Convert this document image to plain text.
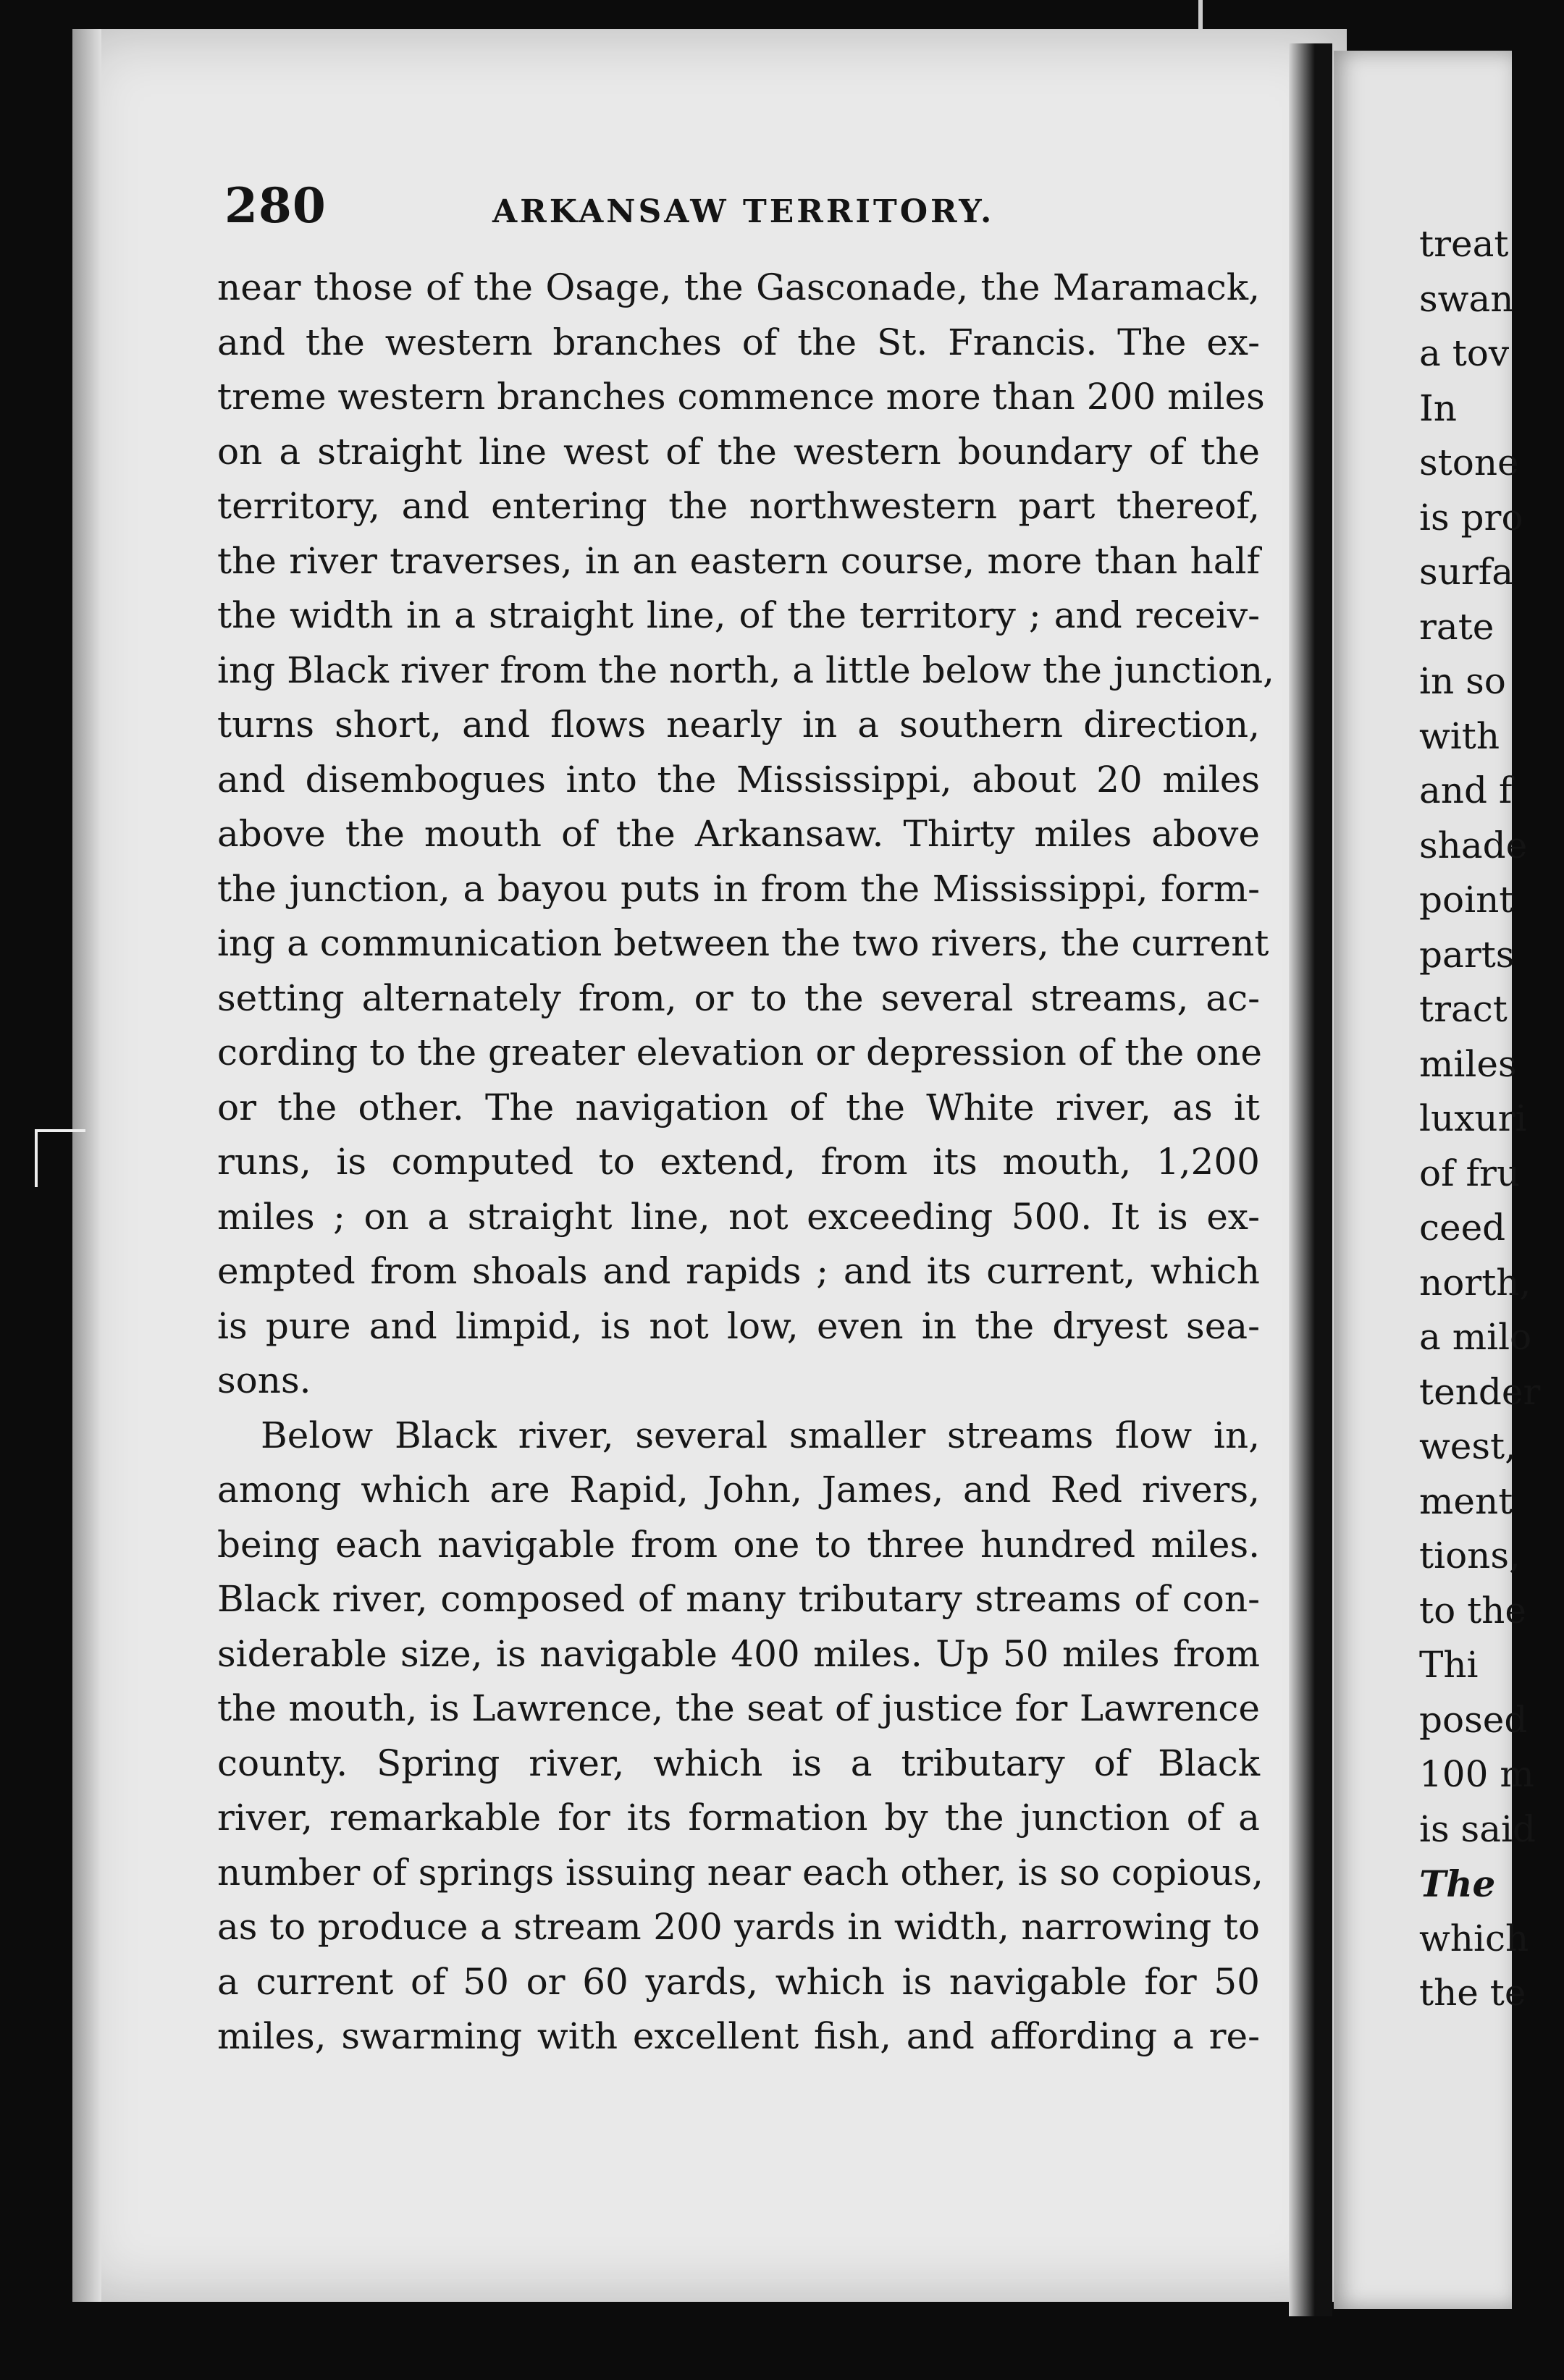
280	ARKANSAW TERRITORY.
near those of the Osage, the Gasconade, the Maramack,
and the western branches of the St. Francis. The ex-
treme western branches commence more than 200 miles
on a straight line west of the western boundary of the
territory, and entering the northwestern part thereof,
the river traverses, in an eastern course, more than half
the width in a straight line, of the territory ; and receiv-
ing Black river from the north, a little below the junction,
turns short, and flows nearly in a southern direction,
and disembogues into the Mississippi, about 20 miles
above the mouth of the Arkansaw. Thirty miles above
the junction, a bayou puts in from the Mississippi, form-
ing a communication between the two rivers, the current
setting alternately from, or to the several streams, ac-
cording to the greater elevation or depression of the one
or the other. The navigation of the White river, as it
runs, is computed to extend, from its mouth, 1,200
miles ; on a straight line, not exceeding 500. It is ex-
empted from shoals and rapids ; and its current, which
is pure and limpid, is not low, even in the dryest sea-
sons.
Below Black river, several smaller streams flow in,
among which are Rapid, John, James, and Red rivers,
being each navigable from one to three hundred miles.
Black river, composed of many tributary streams of con-
siderable size, is navigable 400 miles. Up 50 miles from
the mouth, is Lawrence, the seat of justice for Lawrence
county. Spring river, which is a tributary of Black
river, remarkable for its formation by the junction of a
number of springs issuing near each other, is so copious,
as to produce a stream 200 yards in width, narrowing to
a current of 50 or 60 yards, which is navigable for 50
miles, swarming with excellent fish, and affording a re-
treat
swan
a tov
In
stone
is pro
surfa
rate
in so
with
and f
shade
point
parts
tract
miles
luxuri
of fru
ceed
north,
a milo
tender
west,
ment
tions,
to the
Thi
posed
100 m
is said
The
which
the te
